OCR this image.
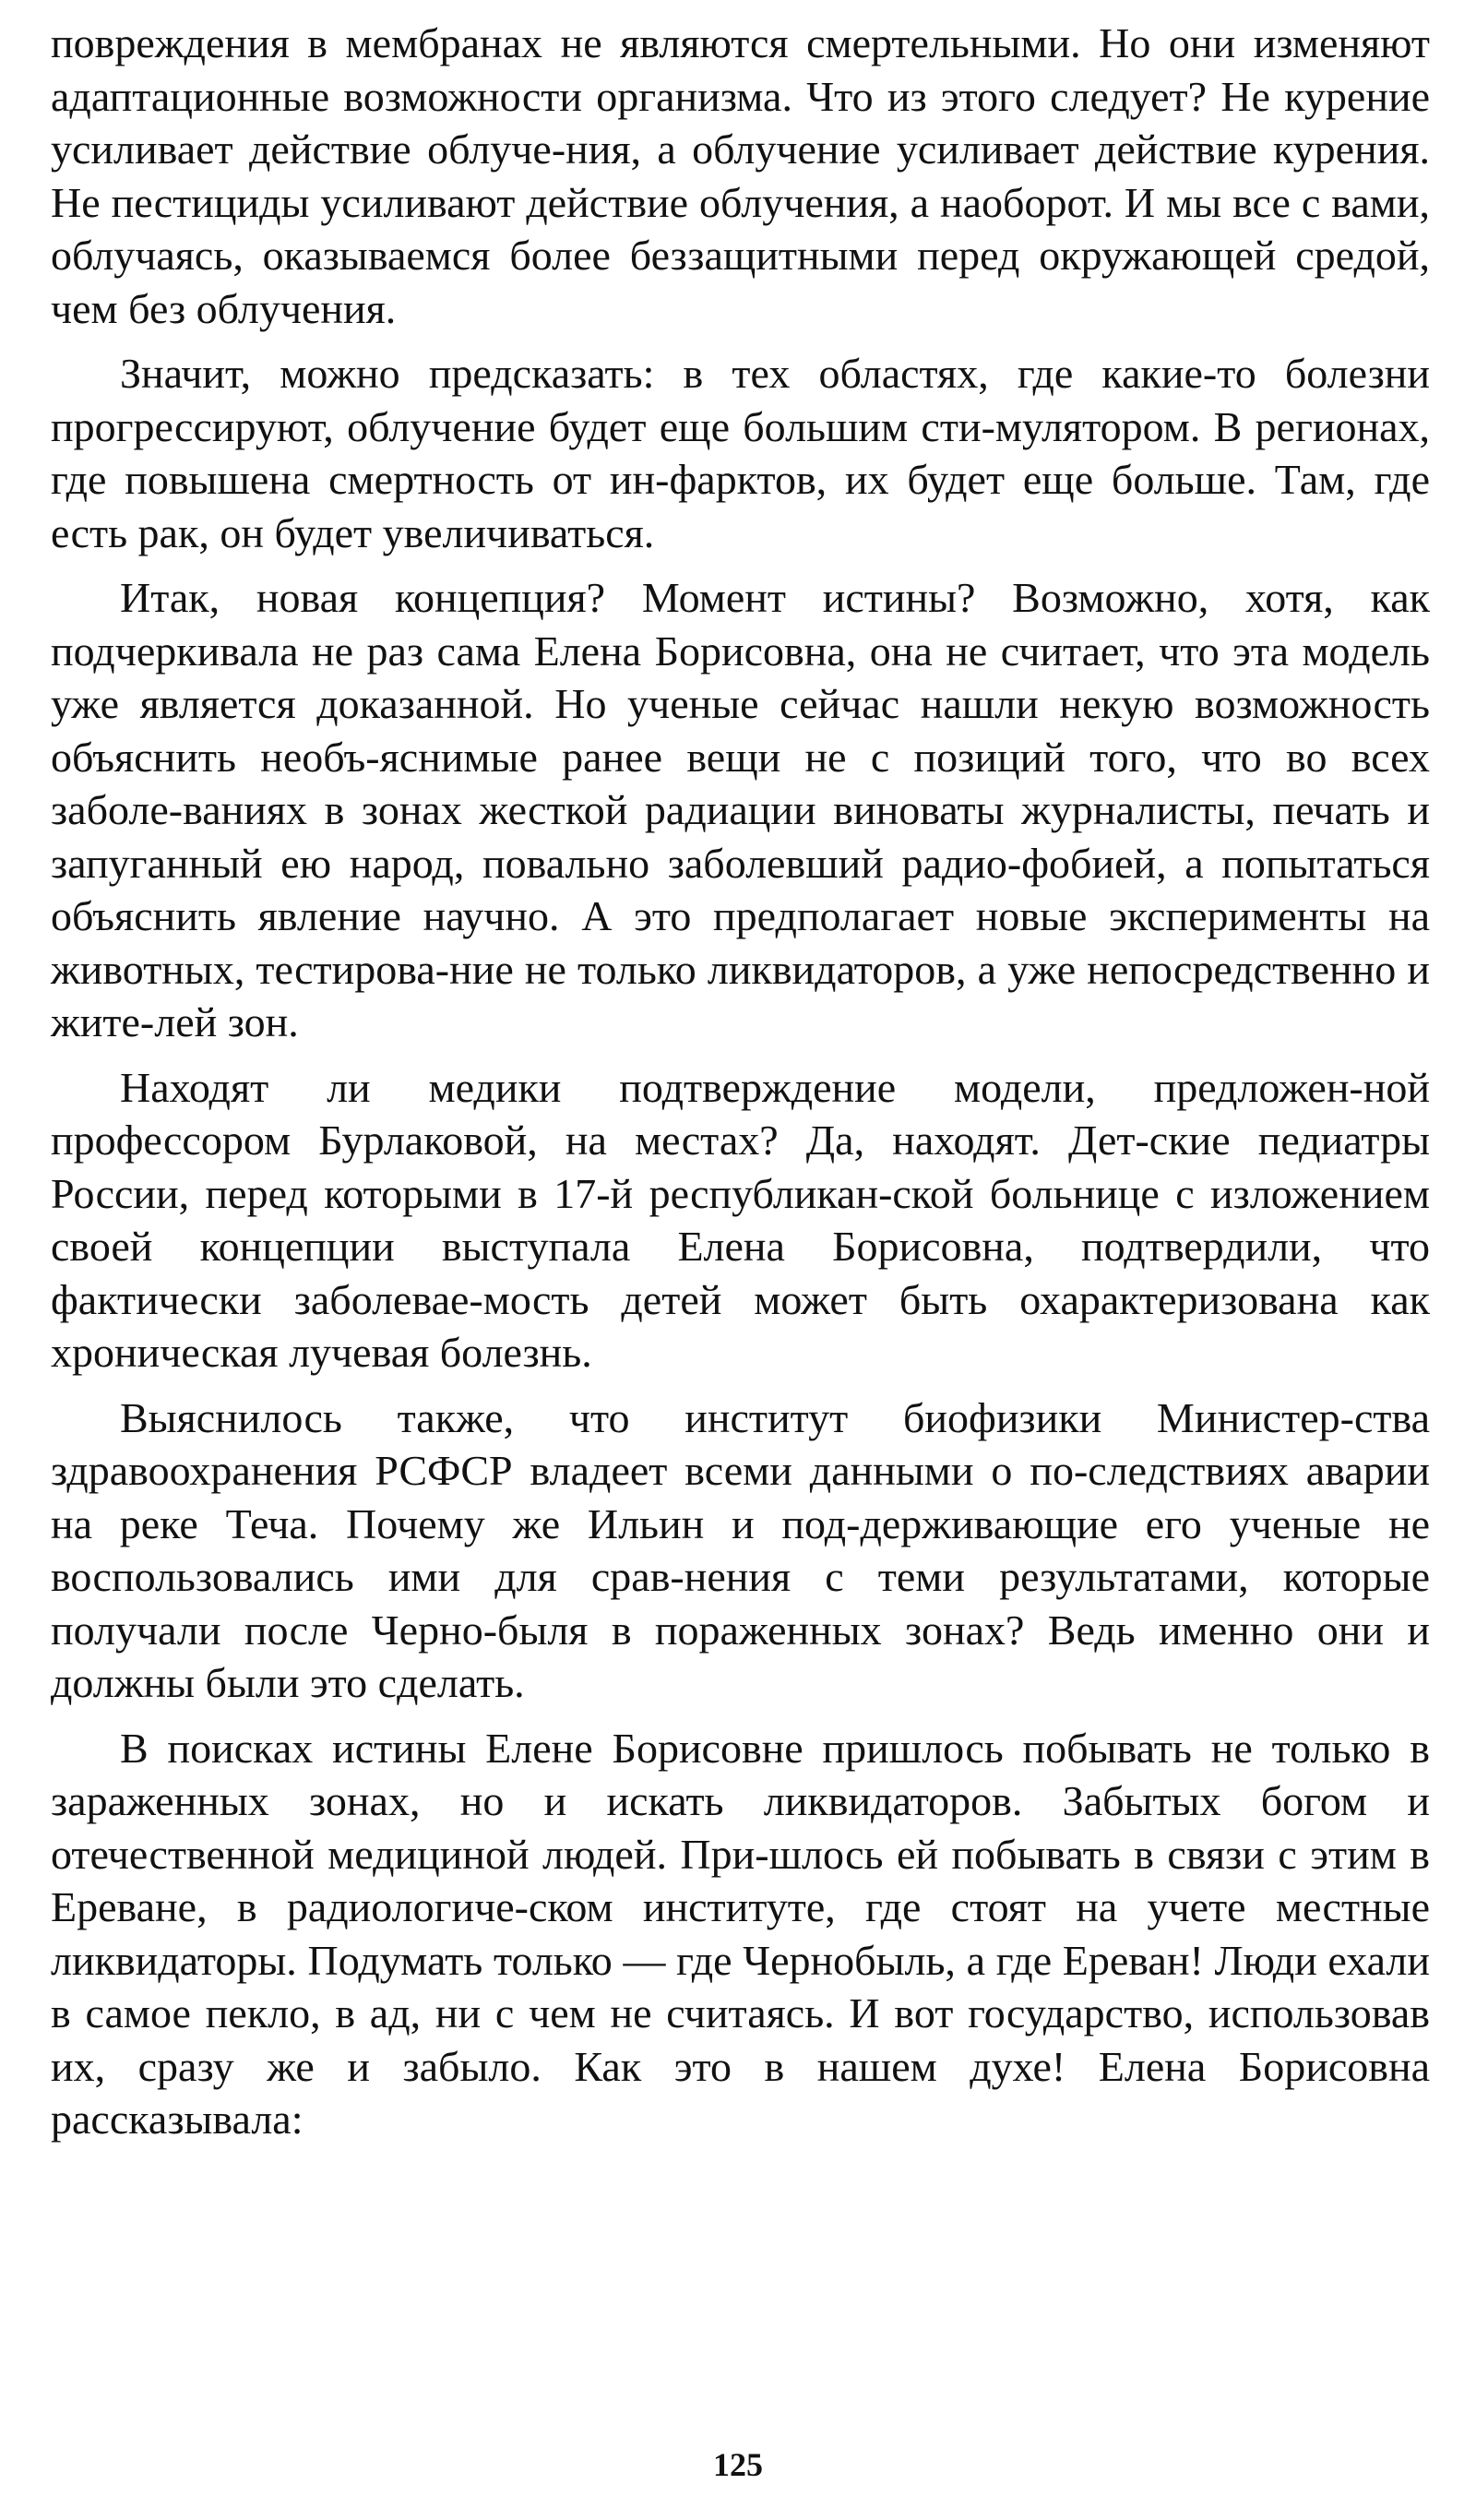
повреждения в мембранах не являются смертельными. Но они изменяют адаптационные возможности организма. Что из этого следует? Не курение усиливает действие облуче-ния, а облучение усиливает действие курения. Не пестициды усиливают действие облучения, а наоборот. И мы все с вами, облучаясь, оказываемся более беззащитными перед окружающей средой, чем без облучения.

Значит, можно предсказать: в тех областях, где какие-то болезни прогрессируют, облучение будет еще большим сти-мулятором. В регионах, где повышена смертность от ин-фарктов, их будет еще больше. Там, где есть рак, он будет увеличиваться.

Итак, новая концепция? Момент истины? Возможно, хотя, как подчеркивала не раз сама Елена Борисовна, она не считает, что эта модель уже является доказанной. Но ученые сейчас нашли некую возможность объяснить необъ-яснимые ранее вещи не с позиций того, что во всех заболе-ваниях в зонах жесткой радиации виноваты журналисты, печать и запуганный ею народ, повально заболевший радио-фобией, а попытаться объяснить явление научно. А это предполагает новые эксперименты на животных, тестирова-ние не только ликвидаторов, а уже непосредственно и жите-лей зон.

Находят ли медики подтверждение модели, предложен-ной профессором Бурлаковой, на местах? Да, находят. Дет-ские педиатры России, перед которыми в 17-й республикан-ской больнице с изложением своей концепции выступала Елена Борисовна, подтвердили, что фактически заболевае-мость детей может быть охарактеризована как хроническая лучевая болезнь.

Выяснилось также, что институт биофизики Министер-ства здравоохранения РСФСР владеет всеми данными о по-следствиях аварии на реке Теча. Почему же Ильин и под-держивающие его ученые не воспользовались ими для срав-нения с теми результатами, которые получали после Черно-быля в пораженных зонах? Ведь именно они и должны были это сделать.

В поисках истины Елене Борисовне пришлось побывать не только в зараженных зонах, но и искать ликвидаторов. Забытых богом и отечественной медициной людей. При-шлось ей побывать в связи с этим в Ереване, в радиологиче-ском институте, где стоят на учете местные ликвидаторы. Подумать только — где Чернобыль, а где Ереван! Люди ехали в самое пекло, в ад, ни с чем не считаясь. И вот государство, использовав их, сразу же и забыло. Как это в нашем духе! Елена Борисовна рассказывала:

125
